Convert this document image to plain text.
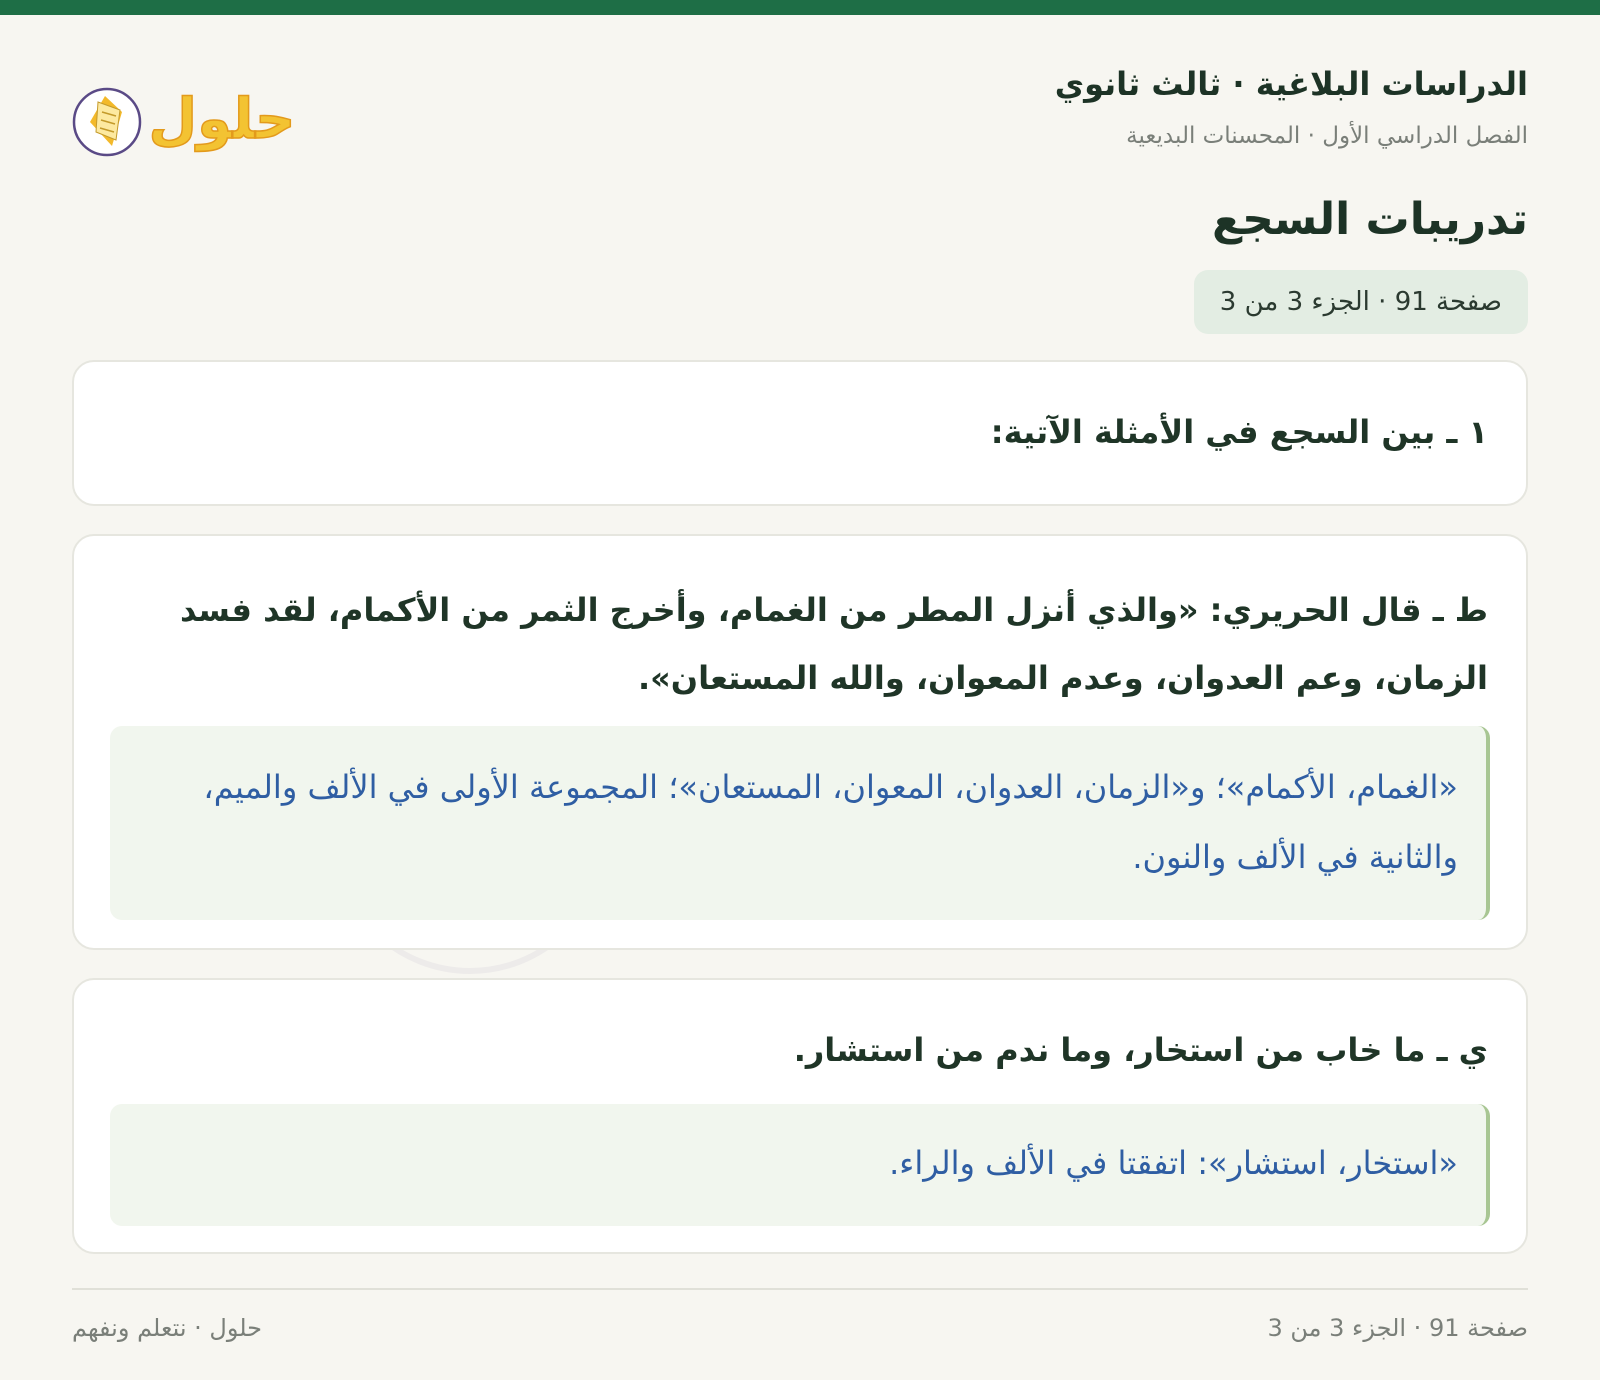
الدراسات البلاغية · ثالث ثانوي
الفصل الدراسي الأول · المحسنات البديعية
حلول
تدريبات السجع
صفحة 91 · الجزء 3 من 3
١ ـ بين السجع في الأمثلة الآتية:
ط ـ قال الحريري: «والذي أنزل المطر من الغمام، وأخرج الثمر من الأكمام، لقد فسد الزمان، وعم العدوان، وعدم المعوان، والله المستعان».
«الغمام، الأكمام»؛ و«الزمان، العدوان، المعوان، المستعان»؛ المجموعة الأولى في الألف والميم، والثانية في الألف والنون.
ي ـ ما خاب من استخار، وما ندم من استشار.
«استخار، استشار»: اتفقتا في الألف والراء.
صفحة 91 · الجزء 3 من 3
حلول · نتعلم ونفهم
